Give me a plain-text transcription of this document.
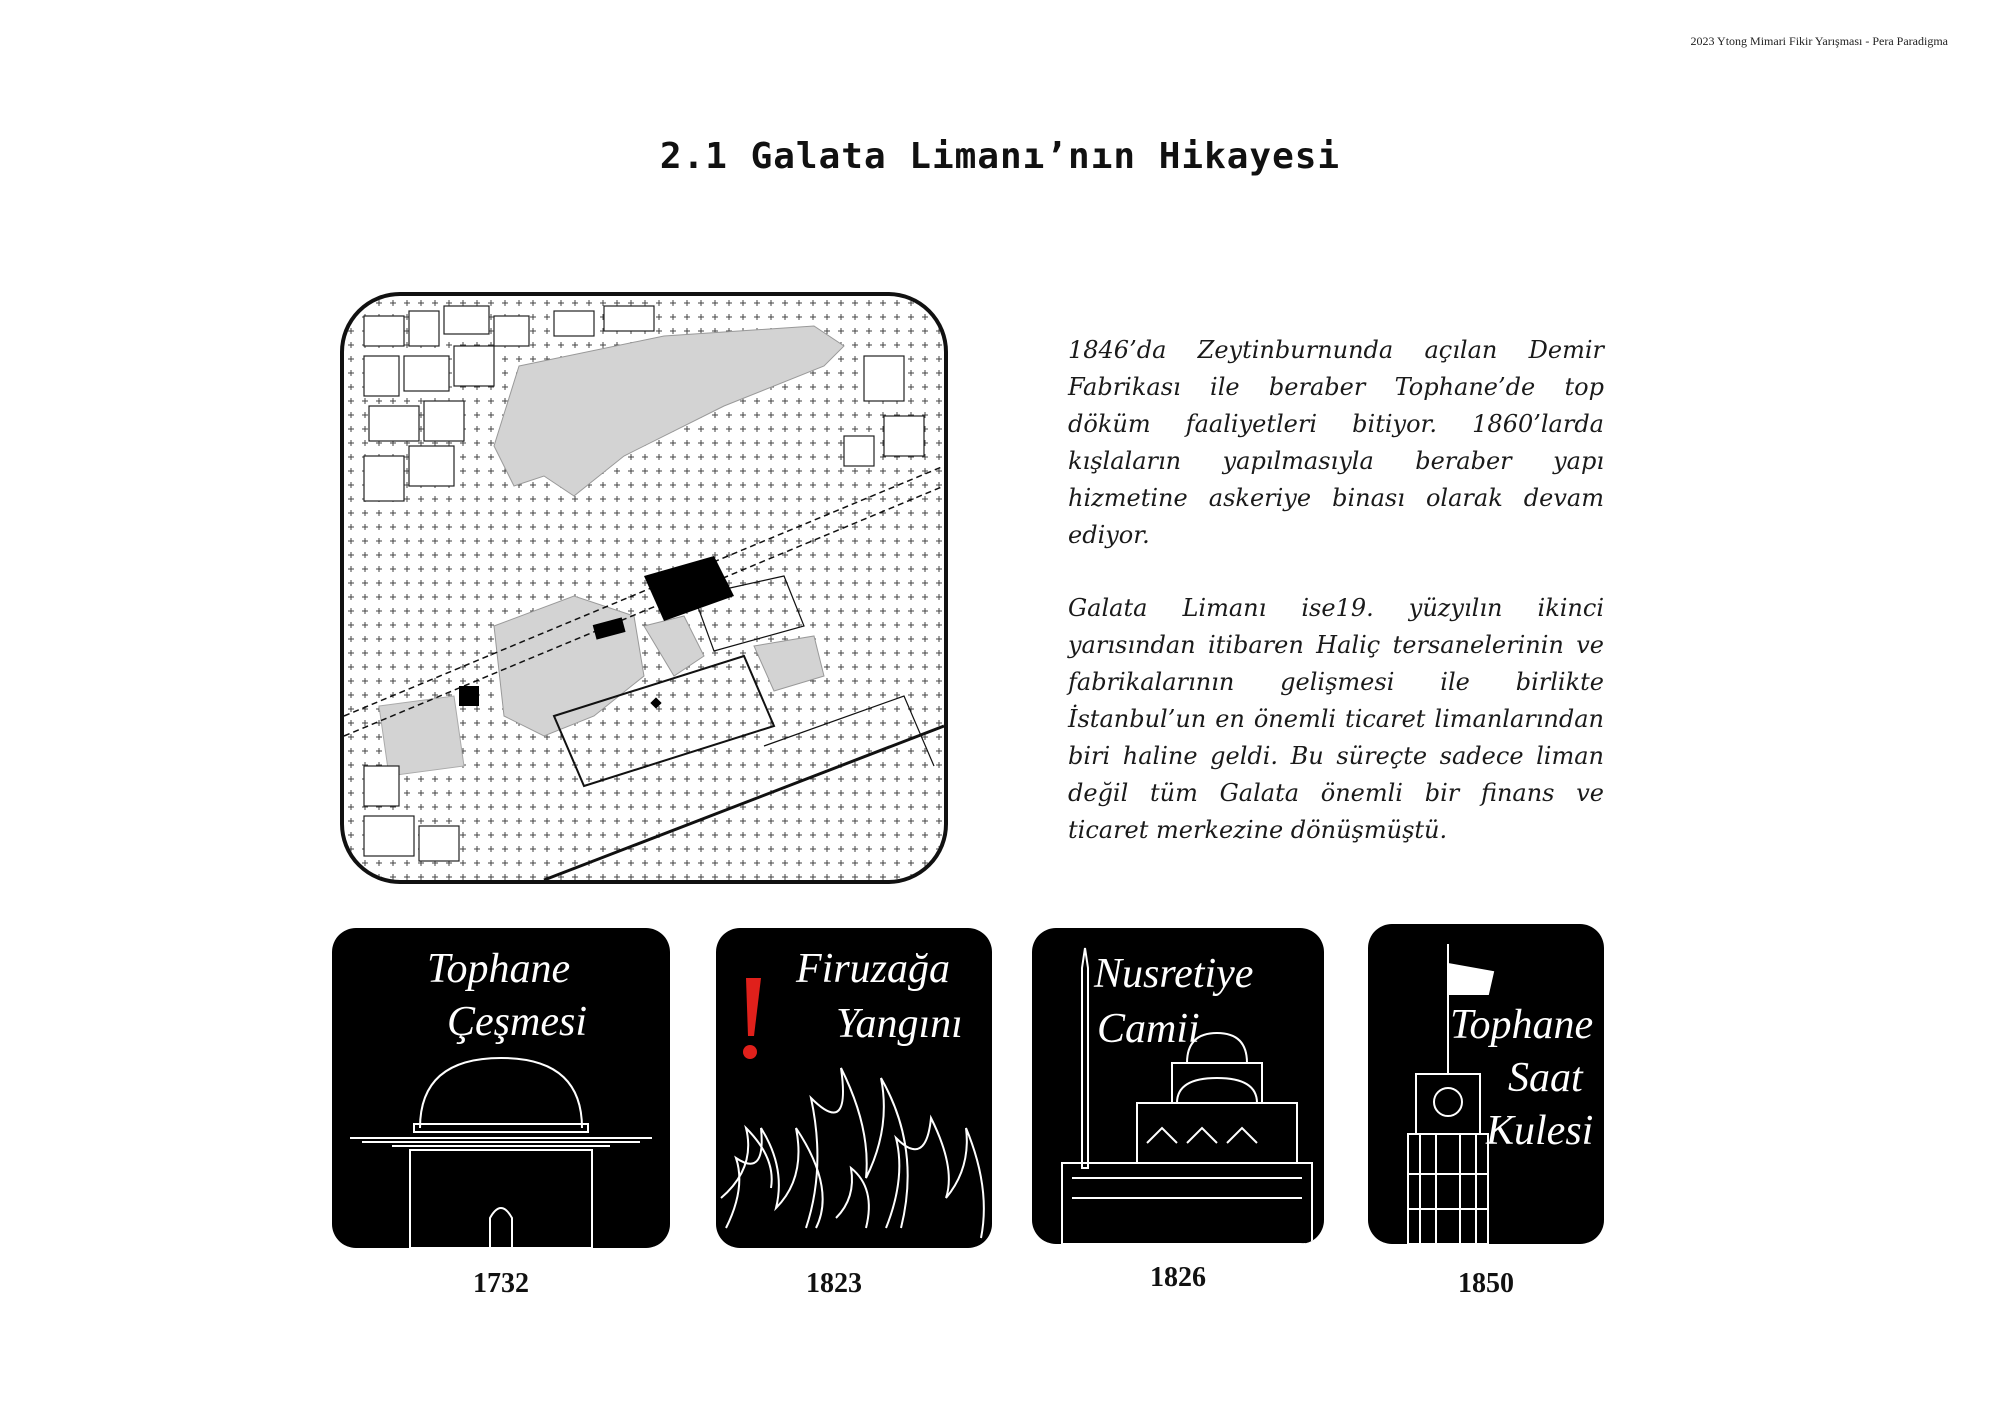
2023 Ytong Mimari Fikir Yarışması - Pera Paradigma
2.1 Galata Limanı’nın Hikayesi

1846’da Zeytinburnunda açılan Demir Fabrikası ile beraber Tophane’de top döküm faaliyetleri bitiyor. 1860’larda kışlaların yapılmasıyla beraber yapı hizmetine askeriye binası olarak devam ediyor.

Galata Limanı ise19. yüzyılın ikinci yarısından itibaren Haliç tersanelerinin ve fabrikalarının gelişmesi ile birlikte İstanbul’un en önemli ticaret limanlarından biri haline geldi. Bu süreçte sadece liman değil tüm Galata önemli bir finans ve ticaret merkezine dönüşmüştü.

Tophane
Çeşmesi
1732
Firuzağa
Yangını
1823
Nusretiye
Camii
1826
Tophane
Saat
Kulesi
1850
